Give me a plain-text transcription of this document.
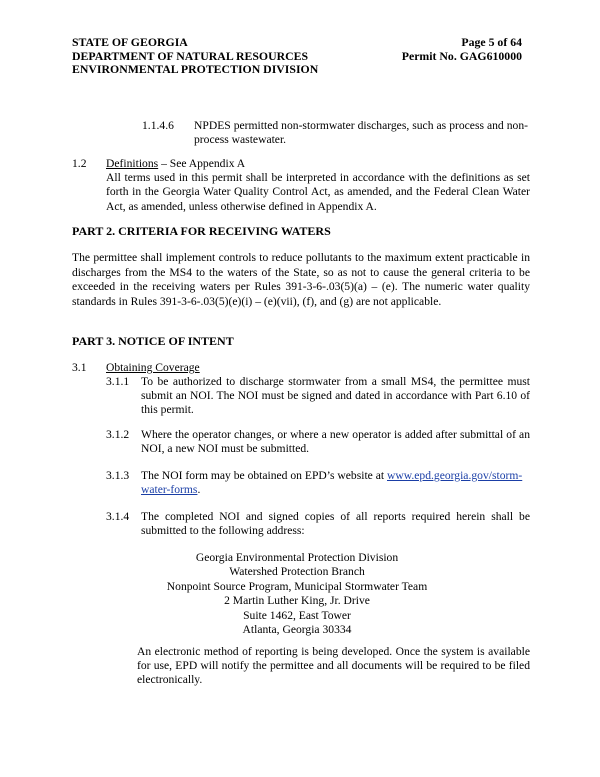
STATE OF GEORGIA
DEPARTMENT OF NATURAL RESOURCES
ENVIRONMENTAL PROTECTION DIVISION
Page 5 of 64
Permit No. GAG610000
1.1.4.6 NPDES permitted non-stormwater discharges, such as process and non-process wastewater.
1.2 Definitions – See Appendix A
All terms used in this permit shall be interpreted in accordance with the definitions as set forth in the Georgia Water Quality Control Act, as amended, and the Federal Clean Water Act, as amended, unless otherwise defined in Appendix A.
PART 2. CRITERIA FOR RECEIVING WATERS
The permittee shall implement controls to reduce pollutants to the maximum extent practicable in discharges from the MS4 to the waters of the State, so as not to cause the general criteria to be exceeded in the receiving waters per Rules 391-3-6-.03(5)(a) – (e). The numeric water quality standards in Rules 391-3-6-.03(5)(e)(i) – (e)(vii), (f), and (g) are not applicable.
PART 3. NOTICE OF INTENT
3.1 Obtaining Coverage
3.1.1 To be authorized to discharge stormwater from a small MS4, the permittee must submit an NOI. The NOI must be signed and dated in accordance with Part 6.10 of this permit.
3.1.2 Where the operator changes, or where a new operator is added after submittal of an NOI, a new NOI must be submitted.
3.1.3 The NOI form may be obtained on EPD’s website at www.epd.georgia.gov/storm-water-forms.
3.1.4 The completed NOI and signed copies of all reports required herein shall be submitted to the following address:
Georgia Environmental Protection Division
Watershed Protection Branch
Nonpoint Source Program, Municipal Stormwater Team
2 Martin Luther King, Jr. Drive
Suite 1462, East Tower
Atlanta, Georgia 30334
An electronic method of reporting is being developed. Once the system is available for use, EPD will notify the permittee and all documents will be required to be filed electronically.
